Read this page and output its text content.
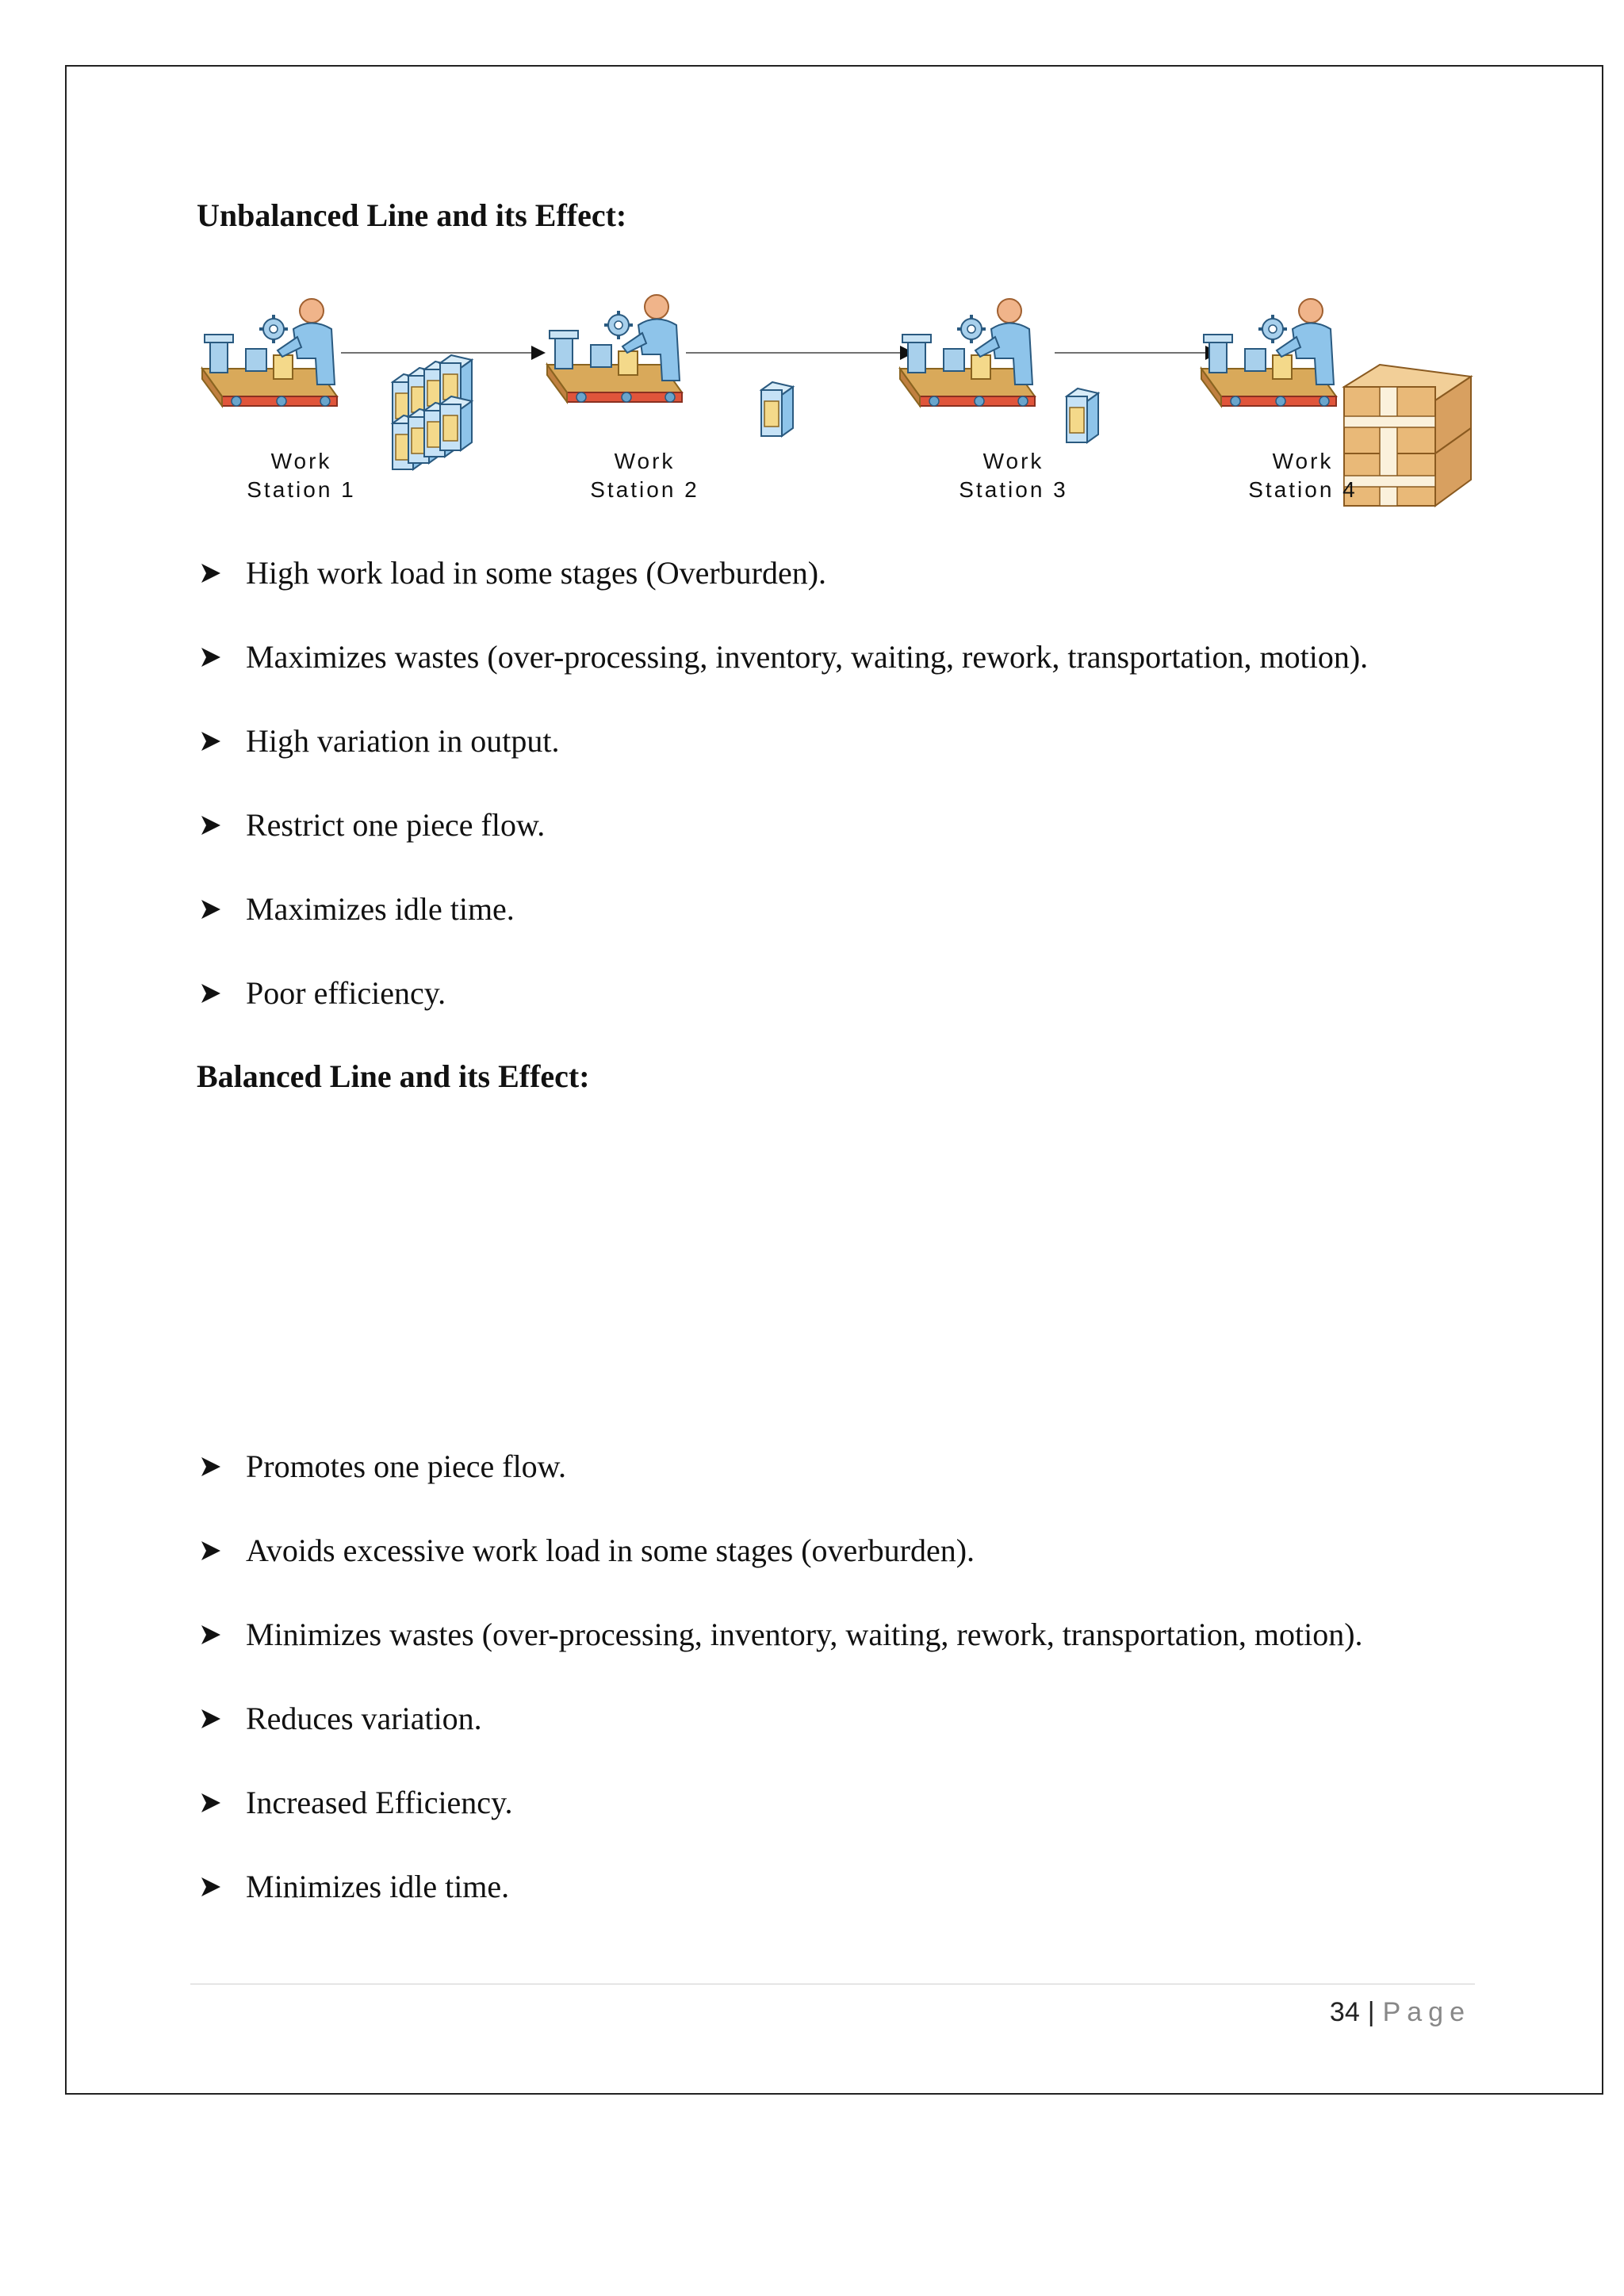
Unbalanced Line and its Effect:
Work
Station 1
Work
Station 2
Work
Station 3
Work
Station 4
High work load in some stages (Overburden).
Maximizes wastes (over-processing, inventory, waiting, rework, transportation, motion).
High variation in output.
Restrict one piece flow.
Maximizes idle time.
Poor efficiency.
Balanced Line and its Effect:
Promotes one piece flow.
Avoids excessive work load in some stages (overburden).
Minimizes wastes (over-processing, inventory, waiting, rework, transportation, motion).
Reduces variation.
Increased Efficiency.
Minimizes idle time.
34 | Page
